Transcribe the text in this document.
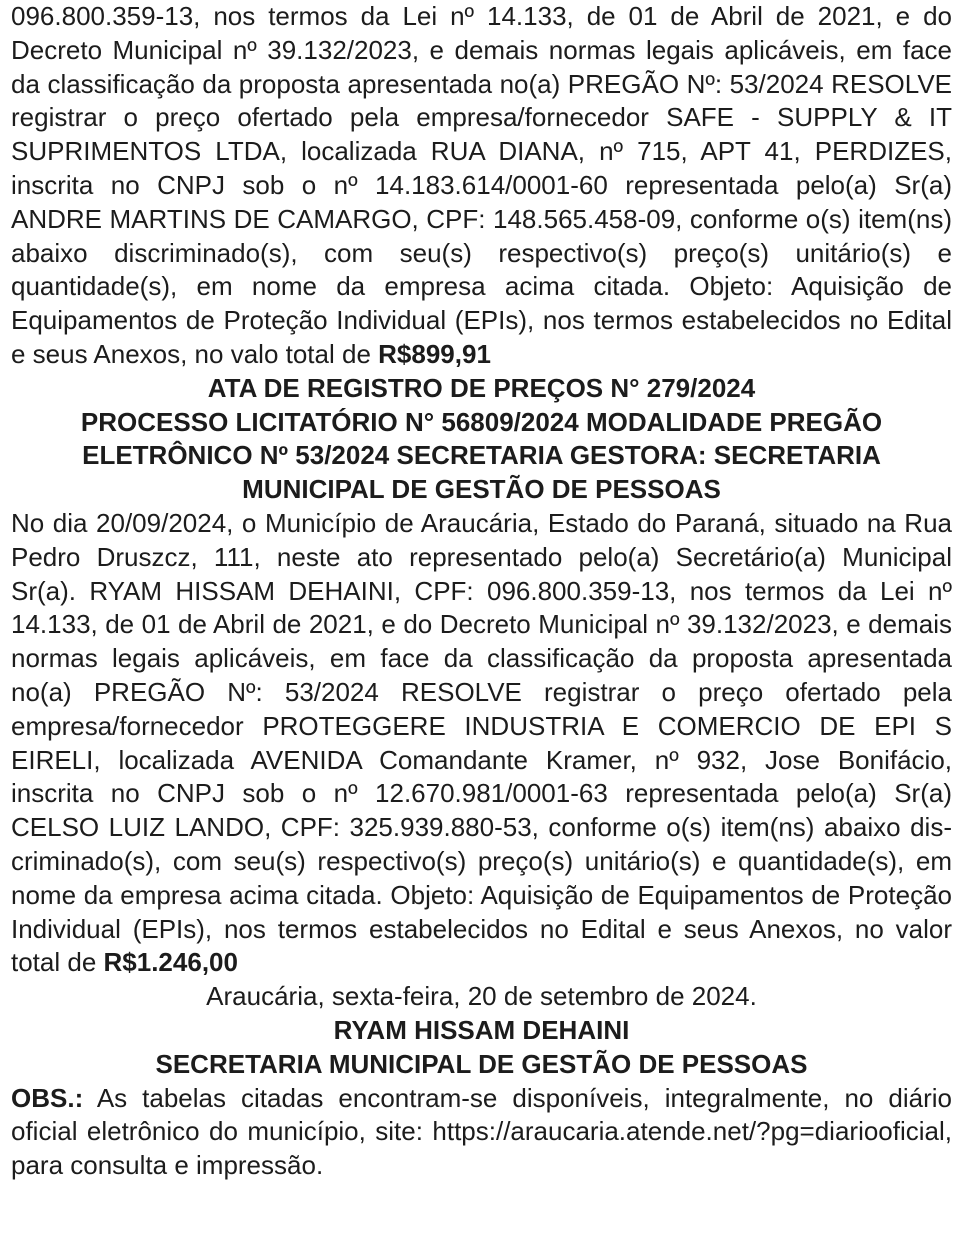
096.800.359-13, nos termos da Lei nº 14.133, de 01 de Abril de 2021, e do Decreto Municipal nº 39.132/2023, e demais normas legais aplicáveis, em face da classificação da proposta apresentada no(a) PREGÃO Nº: 53/2024 RESOLVE registrar o preço ofertado pela empresa/fornecedor SAFE - SUPPLY & IT SUPRIMENTOS LTDA, localizada RUA DIANA, nº 715, APT 41, PERDIZES, inscrita no CNPJ sob o nº 14.183.614/0001-60 representada pelo(a) Sr(a) ANDRE MARTINS DE CAMARGO, CPF: 148.565.458-09, conforme o(s) item(ns) abaixo discriminado(s), com seu(s) respectivo(s) preço(s) unitário(s) e quantidade(s), em nome da empresa acima citada. Objeto: Aquisição de Equipamentos de Proteção Individual (EPIs), nos termos estabelecidos no Edital e seus Anexos, no valo total de R$899,91

ATA DE REGISTRO DE PREÇOS N° 279/2024

PROCESSO LICITATÓRIO N° 56809/2024 MODALIDADE PREGÃO ELETRÔNICO Nº 53/2024 SECRETARIA GESTORA: SECRETARIA MUNICIPAL DE GESTÃO DE PESSOAS

No dia 20/09/2024, o Município de Araucária, Estado do Paraná, situado na Rua Pedro Druszcz, 111, neste ato representado pelo(a) Secretário(a) Municipal Sr(a). RYAM HISSAM DEHAINI, CPF: 096.800.359-13, nos termos da Lei nº 14.133, de 01 de Abril de 2021, e do Decreto Municipal nº 39.132/2023, e demais normas legais aplicáveis, em face da classificação da proposta apresentada no(a) PREGÃO Nº: 53/2024 RESOLVE registrar o preço ofertado pela empresa/fornecedor PROTEGGERE INDUSTRIA E COMERCIO DE EPI S EIRELI, localizada AVENIDA Comandante Kramer, nº 932, Jose Bonifácio, inscrita no CNPJ sob o nº 12.670.981/0001-63 representada pelo(a) Sr(a) CELSO LUIZ LANDO, CPF: 325.939.880-53, conforme o(s) item(ns) abaixo discriminado(s), com seu(s) respectivo(s) preço(s) unitário(s) e quantidade(s), em nome da empresa acima citada. Objeto: Aquisição de Equipamentos de Proteção Individual (EPIs), nos termos estabelecidos no Edital e seus Anexos, no valor total de R$1.246,00

Araucária, sexta-feira, 20 de setembro de 2024.

RYAM HISSAM DEHAINI

SECRETARIA MUNICIPAL DE GESTÃO DE PESSOAS

OBS.: As tabelas citadas encontram-se disponíveis, integralmente, no diário oficial eletrônico do município, site: https://araucaria.atende.net/?pg=diariooficial, para consulta e impressão.
